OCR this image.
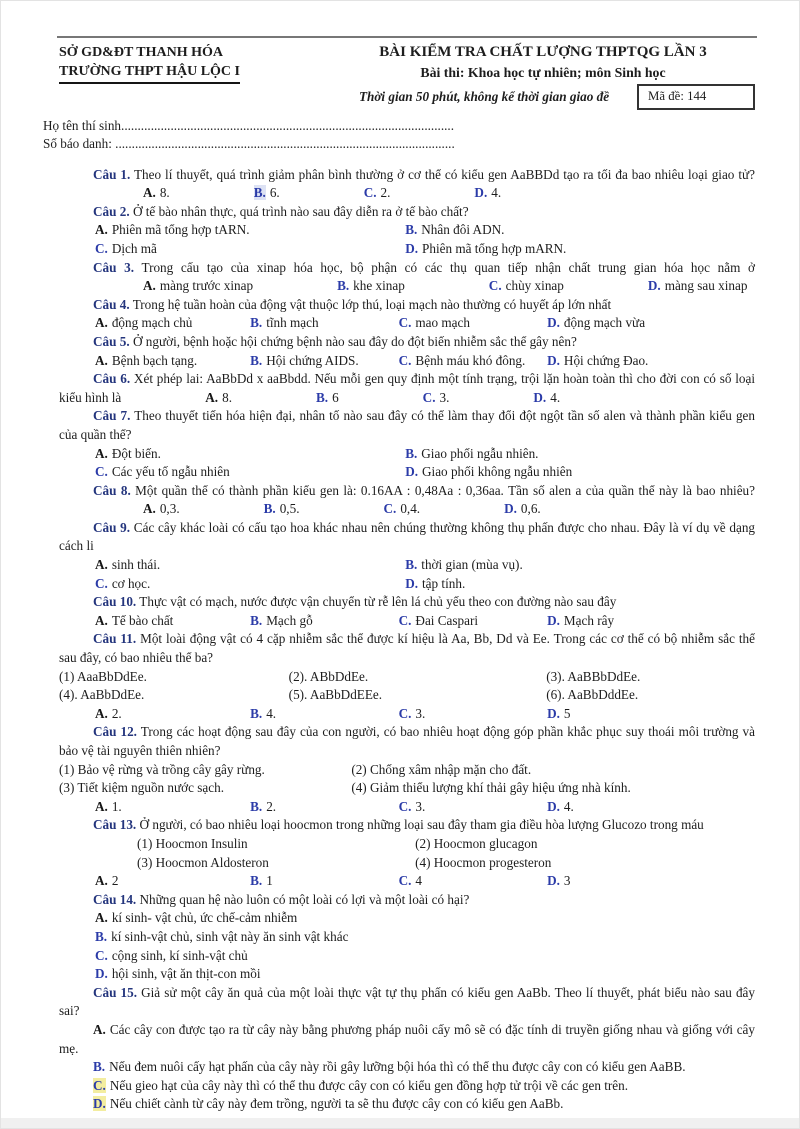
SỞ GD&ĐT THANH HÓA
TRƯỜNG THPT HẬU LỘC I
BÀI KIỂM TRA CHẤT LƯỢNG THPTQG LẦN 3
Bài thi: Khoa học tự nhiên; môn Sinh học
Thời gian 50 phút, không kể thời gian giao đề	Mã đề: 144
Họ tên thí sinh.....................................................................................................
Số báo danh: .......................................................................................................

Câu 1. Theo lí thuyết, quá trình giảm phân bình thường ở cơ thể có kiểu gen AaBBDd tạo ra tối đa bao nhiêu loại giao tử?A. 8.	B. 6.	C. 2.	D. 4.

Câu 2. Ở tế bào nhân thực, quá trình nào sau đây diễn ra ở tế bào chất?

A. Phiên mã tổng hợp tARN.	B. Nhân đôi ADN.
C. Dịch mã	D. Phiên mã tổng hợp mARN.

Câu 3. Trong cấu tạo của xinap hóa học, bộ phận có các thụ quan tiếp nhận chất trung gian hóa học nằm ởA. màng trước xinap	B. khe xinap	C. chùy xinap	D. màng sau xinap

Câu 4. Trong hệ tuần hoàn của động vật thuộc lớp thú, loại mạch nào thường có huyết áp lớn nhất

A. động mạch chủ	B. tĩnh mạch	C. mao mạch	D. động mạch vừa

Câu 5. Ở người, bệnh hoặc hội chứng bệnh nào sau đây do đột biến nhiễm sắc thể gây nên?

A. Bệnh bạch tạng.	B. Hội chứng AIDS.	C. Bệnh máu khó đông.	D. Hội chứng Đao.

Câu 6. Xét phép lai: AaBbDd x aaBbdd. Nếu mỗi gen quy định một tính trạng, trội lặn hoàn toàn thì cho đời con có số loại kiểu hình là	A. 8.	B. 6	C. 3.	D. 4.

Câu 7. Theo thuyết tiến hóa hiện đại, nhân tố nào sau đây có thể làm thay đổi đột ngột tần số alen và thành phần kiểu gen của quần thể?

A. Đột biến.	B. Giao phối ngẫu nhiên.
C. Các yếu tố ngẫu nhiên	D. Giao phối không ngẫu nhiên

Câu 8. Một quần thể có thành phần kiểu gen là: 0.16AA : 0,48Aa : 0,36aa. Tần số alen a của quần thể này là bao nhiêu?A. 0,3.	B. 0,5.	C. 0,4.	D. 0,6.

Câu 9. Các cây khác loài có cấu tạo hoa khác nhau nên chúng thường không thụ phấn được cho nhau. Đây là ví dụ về dạng cách li

A. sinh thái.	B. thời gian (mùa vụ).
C. cơ học.	D. tập tính.

Câu 10. Thực vật có mạch, nước được vận chuyển từ rễ lên lá chủ yếu theo con đường nào sau đây

A. Tế bào chất	B. Mạch gỗ	C. Đai Caspari	D. Mạch rây

Câu 11. Một loài động vật có 4 cặp nhiễm sắc thể được kí hiệu là Aa, Bb, Dd và Ee. Trong các cơ thể có bộ nhiễm sắc thể sau đây, có bao nhiêu thể ba?

(1) AaaBbDdEe.	(2). ABbDdEe.	(3). AaBBbDdEe.
(4). AaBbDdEe.	(5). AaBbDdEEe.	(6). AaBbDddEe.
A. 2.	B. 4.	C. 3.	D. 5

Câu 12. Trong các hoạt động sau đây của con người, có bao nhiêu hoạt động góp phần khắc phục suy thoái môi trường và bảo vệ tài nguyên thiên nhiên?

(1) Bảo vệ rừng và trồng cây gây rừng.	(2) Chống xâm nhập mặn cho đất.
(3) Tiết kiệm nguồn nước sạch.	(4) Giảm thiểu lượng khí thải gây hiệu ứng nhà kính.
A. 1.	B. 2.	C. 3.	D. 4.

Câu 13. Ở người, có bao nhiêu loại hoocmon trong những loại sau đây tham gia điều hòa lượng Glucozo trong máu

(1) Hoocmon Insulin	(2) Hoocmon glucagon
(3) Hoocmon Aldosteron	(4) Hoocmon progesteron
A. 2	B. 1	C. 4	D. 3

Câu 14. Những quan hệ nào luôn có một loài có lợi và một loài có hại?

A. kí sinh- vật chủ, ức chế-cảm nhiễm
B. kí sinh-vật chủ, sinh vật này ăn sinh vật khác
C. cộng sinh, kí sinh-vật chủ
D. hội sinh, vật ăn thịt-con mồi

Câu 15. Giả sử một cây ăn quả của một loài thực vật tự thụ phấn có kiểu gen AaBb. Theo lí thuyết, phát biểu nào sau đây sai?

A. Các cây con được tạo ra từ cây này bằng phương pháp nuôi cấy mô sẽ có đặc tính di truyền giống nhau và giống với cây mẹ.
B. Nếu đem nuôi cấy hạt phấn của cây này rồi gây lưỡng bội hóa thì có thể thu được cây con có kiểu gen AaBB.
C. Nếu gieo hạt của cây này thì có thể thu được cây con có kiểu gen đồng hợp tử trội về các gen trên.
D. Nếu chiết cành từ cây này đem trồng, người ta sẽ thu được cây con có kiểu gen AaBb.
